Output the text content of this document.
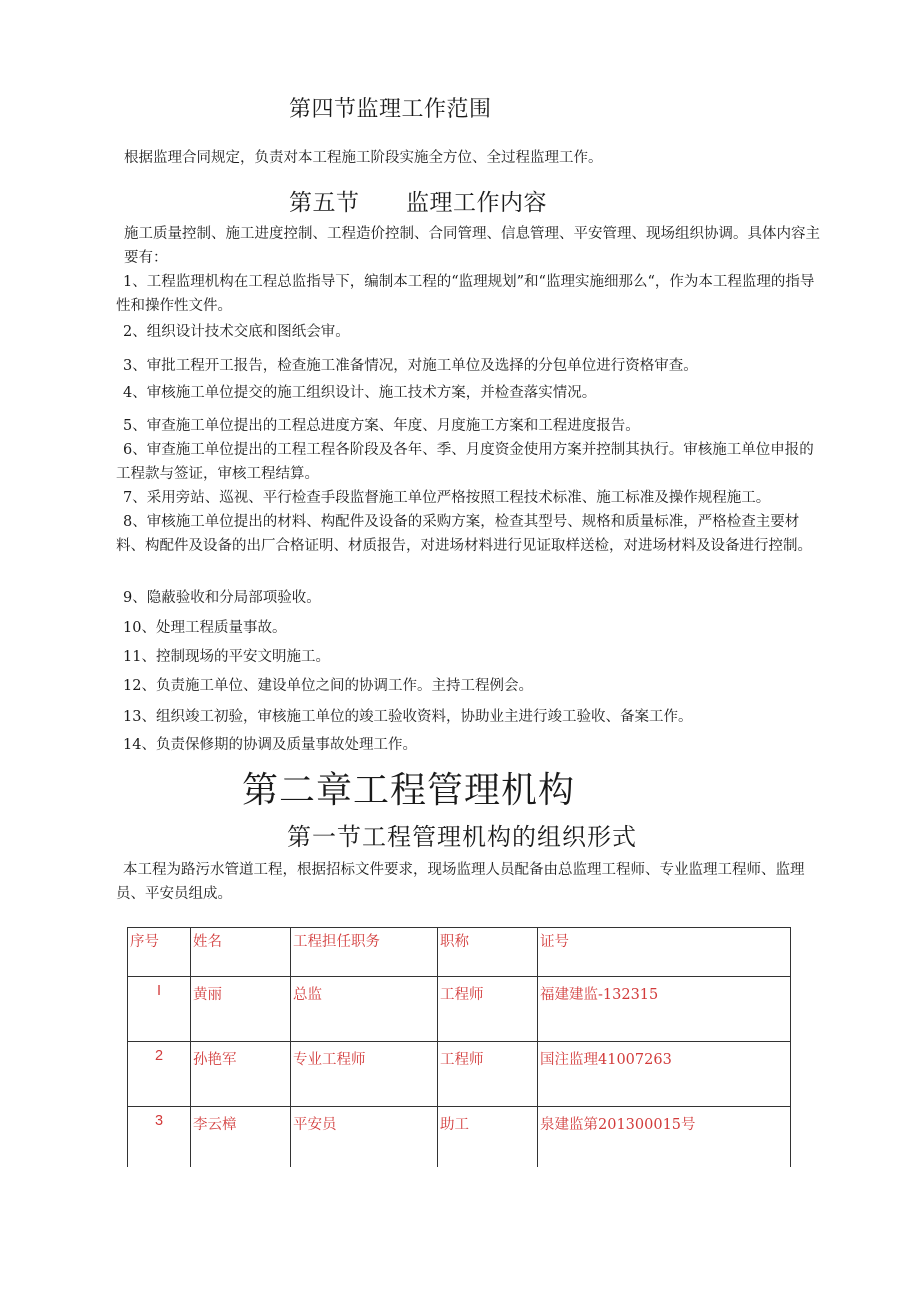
第四节监理工作范围
根据监理合同规定，负责对本工程施工阶段实施全方位、全过程监理工作。
第五节 监理工作内容
施工质量控制、施工进度控制、工程造价控制、合同管理、信息管理、平安管理、现场组织协调。具体内容主要有：
1、工程监理机构在工程总监指导下，编制本工程的“监理规划”和“监理实施细那么“，作为本工程监理的指导性和操作性文件。
2、组织设计技术交底和图纸会审。
3、审批工程开工报告，检查施工准备情况，对施工单位及选择的分包单位进行资格审查。
4、审核施工单位提交的施工组织设计、施工技术方案，并检查落实情况。
5、审查施工单位提出的工程总进度方案、年度、月度施工方案和工程进度报告。
6、审查施工单位提出的工程工程各阶段及各年、季、月度资金使用方案并控制其执行。审核施工单位申报的工程款与签证，审核工程结算。
7、采用旁站、巡视、平行检查手段监督施工单位严格按照工程技术标准、施工标准及操作规程施工。
8、审核施工单位提出的材料、构配件及设备的采购方案，检查其型号、规格和质量标准，严格检查主要材料、构配件及设备的出厂合格证明、材质报告，对进场材料进行见证取样送检，对进场材料及设备进行控制。
9、隐蔽验收和分局部项验收。
10、处理工程质量事故。
11、控制现场的平安文明施工。
12、负责施工单位、建设单位之间的协调工作。主持工程例会。
13、组织竣工初验，审核施工单位的竣工验收资料，协助业主进行竣工验收、备案工作。
14、负责保修期的协调及质量事故处理工作。
第二章工程管理机构
第一节工程管理机构的组织形式
本工程为路污水管道工程，根据招标文件要求，现场监理人员配备由总监理工程师、专业监理工程师、监理员、平安员组成。
序号	姓名	工程担任职务	职称	证号
I	黄丽	总监	工程师	福建建监-132315
2	孙艳军	专业工程师	工程师	国注监理41007263
3	李云樟	平安员	助工	泉建监第201300015号
